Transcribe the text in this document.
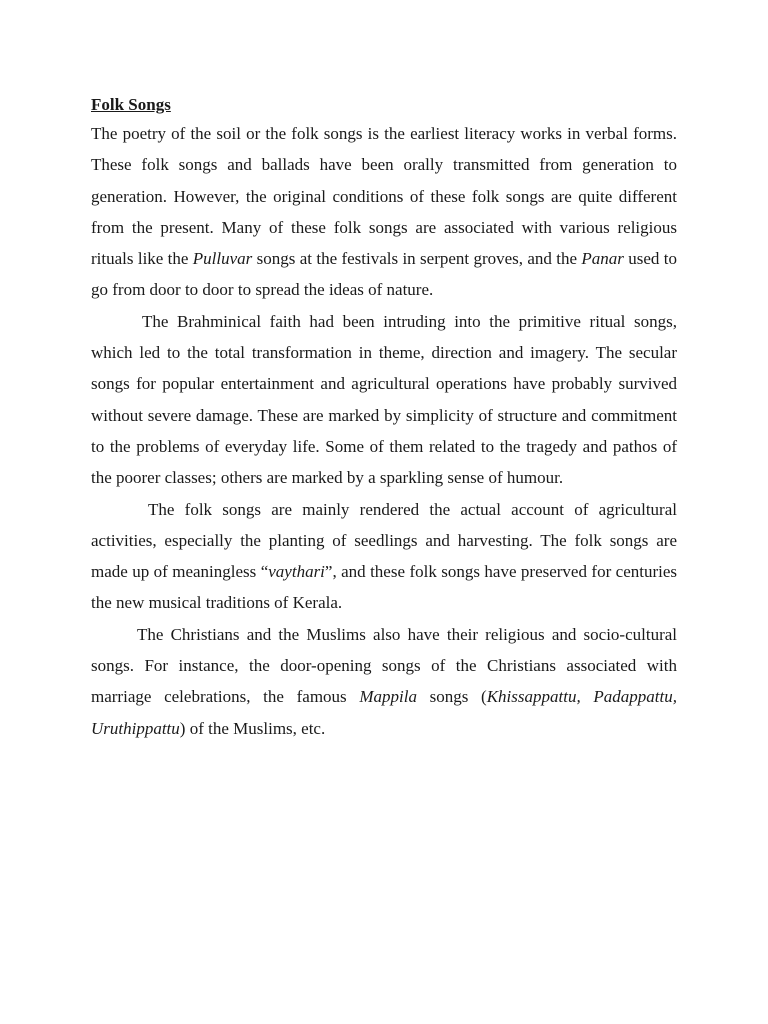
Folk Songs

The poetry of the soil or the folk songs is the earliest literacy works in verbal forms. These folk songs and ballads have been orally transmitted from generation to generation. However, the original conditions of these folk songs are quite different from the present. Many of these folk songs are associated with various religious rituals like the Pulluvar songs at the festivals in serpent groves, and the Panar used to go from door to door to spread the ideas of nature.

The Brahminical faith had been intruding into the primitive ritual songs, which led to the total transformation in theme, direction and imagery. The secular songs for popular entertainment and agricultural operations have probably survived without severe damage. These are marked by simplicity of structure and commitment to the problems of everyday life. Some of them related to the tragedy and pathos of the poorer classes; others are marked by a sparkling sense of humour.

The folk songs are mainly rendered the actual account of agricultural activities, especially the planting of seedlings and harvesting. The folk songs are made up of meaningless “vaythari”, and these folk songs have preserved for centuries the new musical traditions of Kerala.

The Christians and the Muslims also have their religious and socio-cultural songs. For instance, the door-opening songs of the Christians associated with marriage celebrations, the famous Mappila songs (Khissappattu, Padappattu, Uruthippattu) of the Muslims, etc.
